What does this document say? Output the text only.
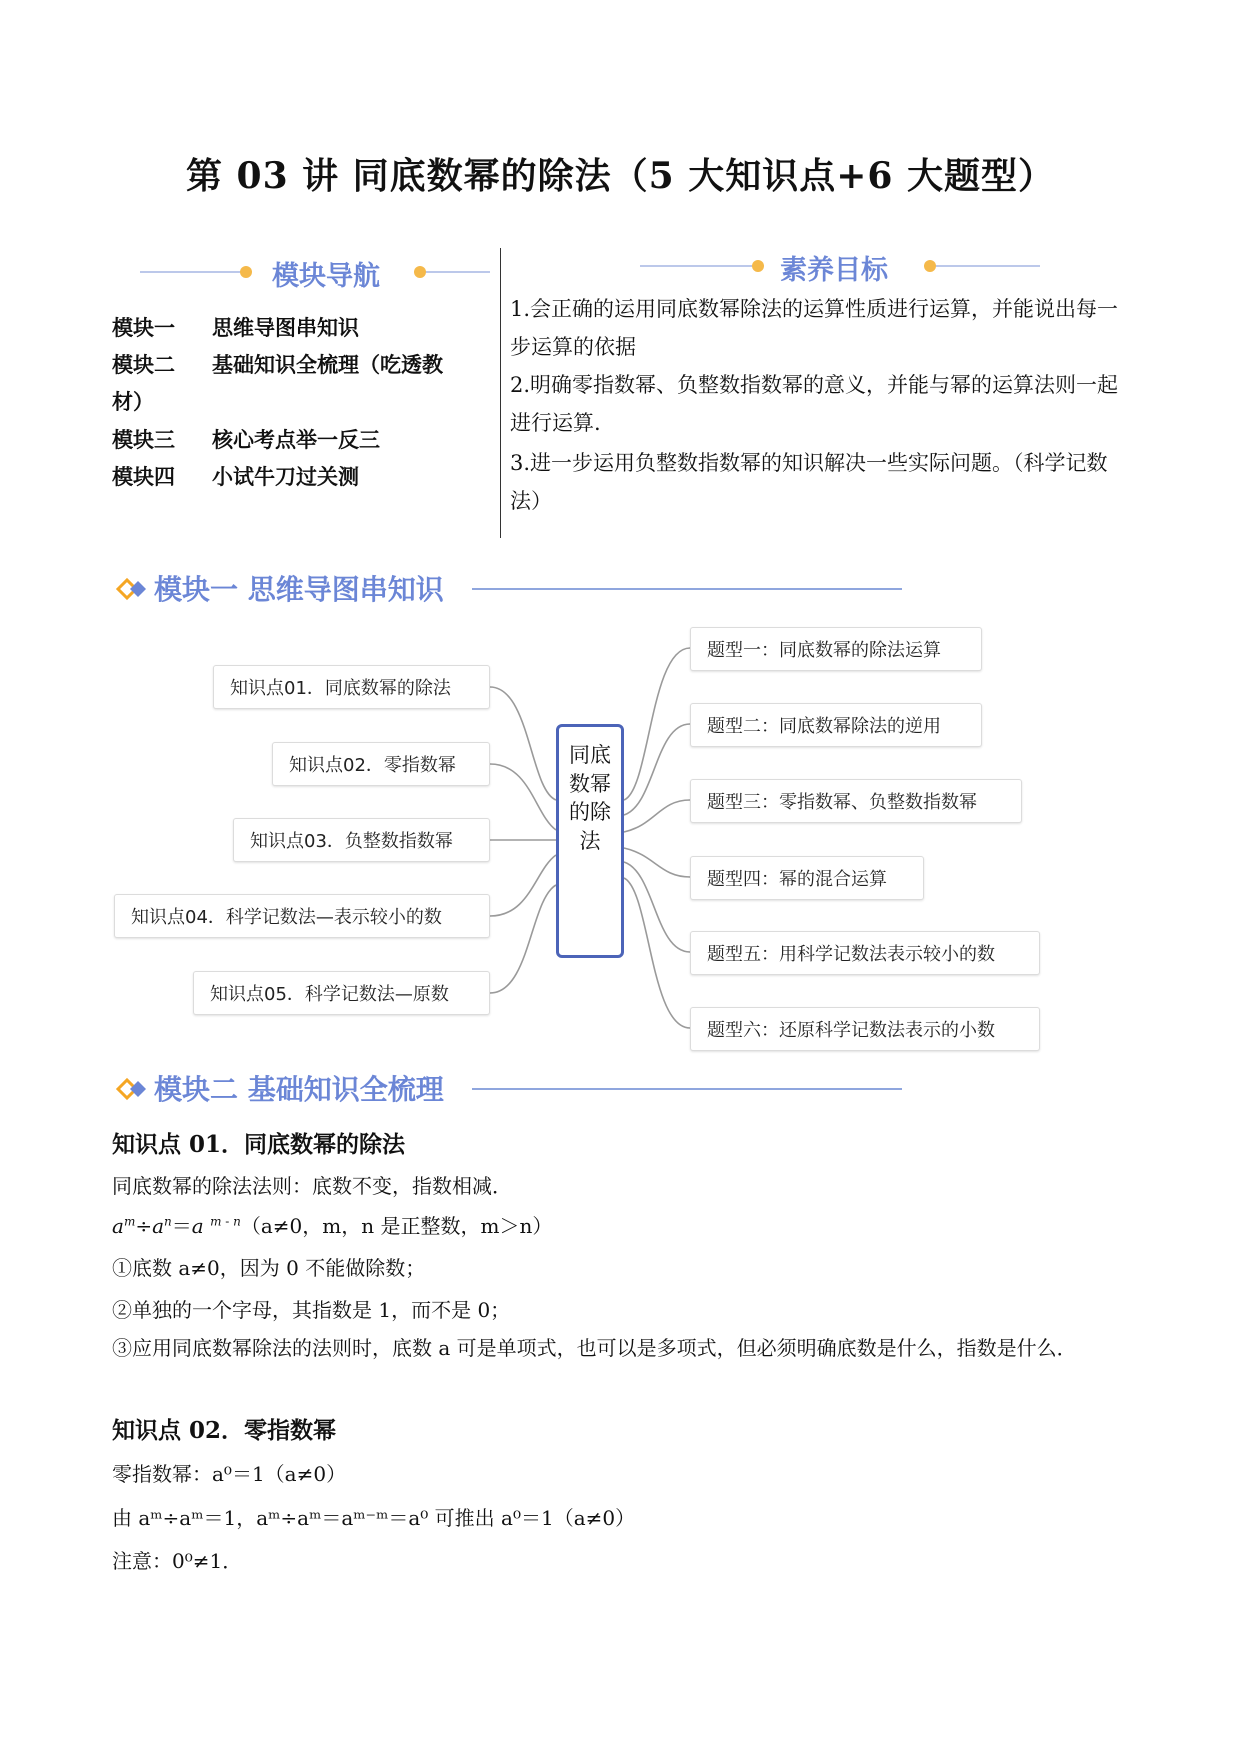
第 03 讲 同底数幂的除法（5 大知识点+6 大题型）
模块导航
模块一 思维导图串知识
模块二 基础知识全梳理（吃透教
材）
模块三 核心考点举一反三
模块四 小试牛刀过关测
素养目标
1.会正确的运用同底数幂除法的运算性质进行运算，并能说出每一步运算的依据
2.明确零指数幂、负整数指数幂的意义，并能与幂的运算法则一起进行运算.
3.进一步运用负整数指数幂的知识解决一些实际问题。（科学记数法）
模块一 思维导图串知识
知识点01．同底数幂的除法
知识点02．零指数幂
知识点03．负整数指数幂
知识点04．科学记数法—表示较小的数
知识点05．科学记数法—原数
同底数幂的除法
题型一：同底数幂的除法运算
题型二：同底数幂除法的逆用
题型三：零指数幂、负整数指数幂
题型四：幂的混合运算
题型五：用科学记数法表示较小的数
题型六：还原科学记数法表示的小数
模块二 基础知识全梳理
知识点 01．同底数幂的除法
同底数幂的除法法则：底数不变，指数相减．
$a^m\div a^n=a$ $^{m - n}$（a≠0，m，n 是正整数，m＞n）
①底数 a≠0，因为 0 不能做除数；
②单独的一个字母，其指数是 1，而不是 0；
③应用同底数幂除法的法则时，底数 a 可是单项式，也可以是多项式，但必须明确底数是什么，指数是什么．
知识点 02．零指数幂
零指数幂：a⁰＝1（a≠0）
由 aᵐ÷aᵐ＝1，aᵐ÷aᵐ＝aᵐ⁻ᵐ＝a⁰ 可推出 a⁰＝1（a≠0）
注意：0⁰≠1．
